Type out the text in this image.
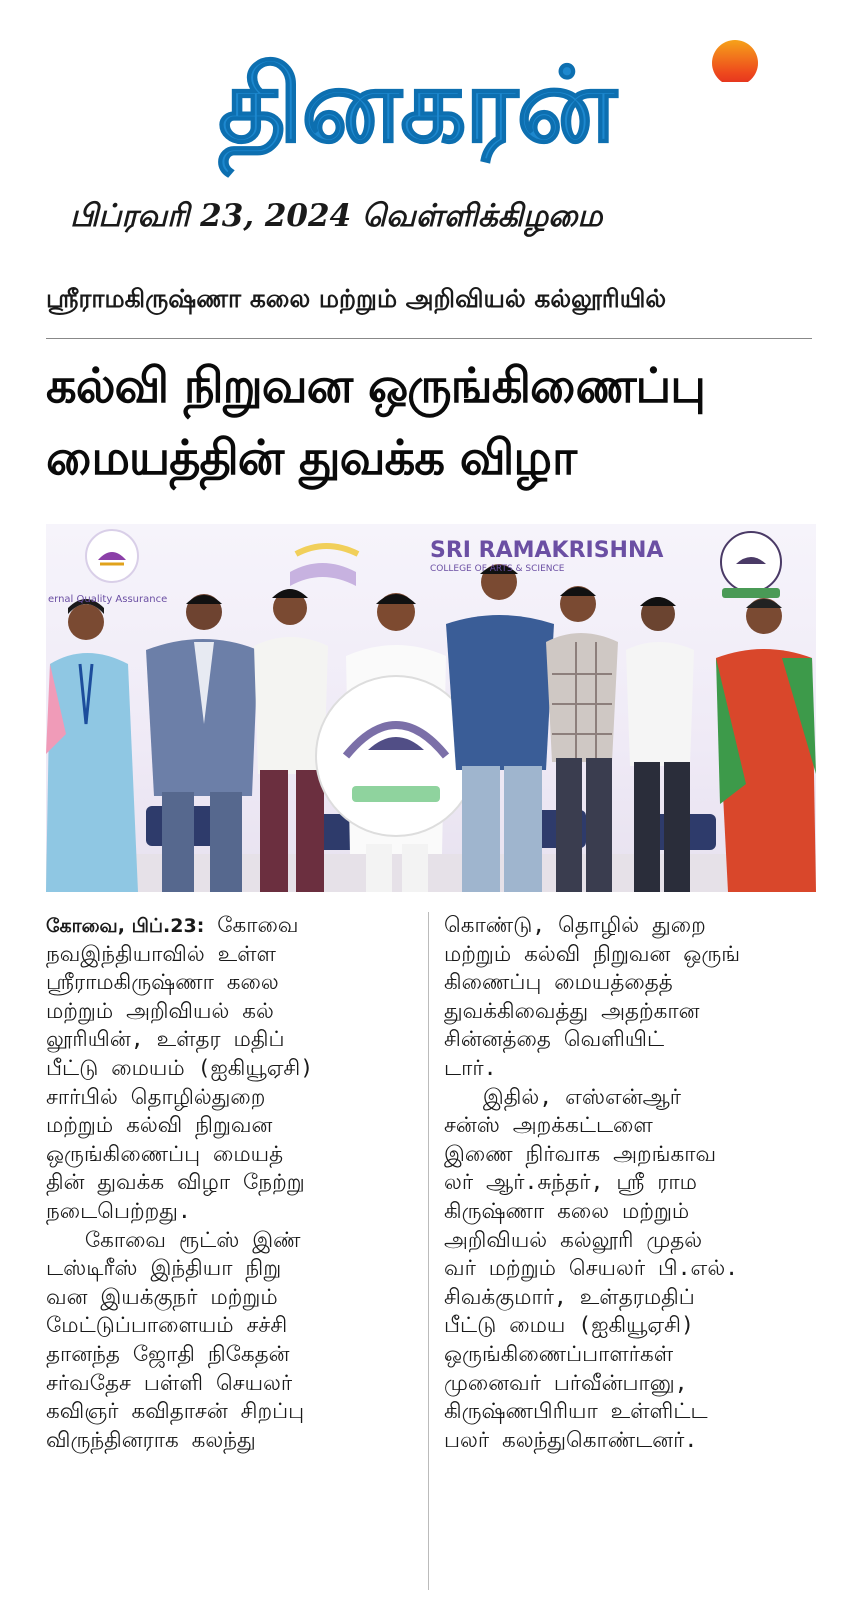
தினகரன்
பிப்ரவரி 23, 2024 வெள்ளிக்கிழமை
ஸ்ரீராமகிருஷ்ணா கலை மற்றும் அறிவியல் கல்லூரியில்
கல்வி நிறுவன ஒருங்கிணைப்பு
மையத்தின் துவக்க விழா
SRI RAMAKRISHNA
COLLEGE OF ARTS & SCIENCE
ernal Quality Assurance

கோவை, பிப்.23: கோவை

நவஇந்தியாவில் உள்ள

ஸ்ரீராமகிருஷ்ணா கலை

மற்றும் அறிவியல் கல்

லூரியின், உள்தர மதிப்

பீட்டு மையம் (ஐகியூஏசி)

சார்பில் தொழில்துறை

மற்றும் கல்வி நிறுவன

ஒருங்கிணைப்பு மையத்

தின் துவக்க விழா நேற்று

நடைபெற்றது.

கோவை ரூட்ஸ் இண்

டஸ்டிரீஸ் இந்தியா நிறு

வன இயக்குநர் மற்றும்

மேட்டுப்பாளையம் சச்சி

தானந்த ஜோதி நிகேதன்

சர்வதேச பள்ளி செயலர்

கவிஞர் கவிதாசன் சிறப்பு

விருந்தினராக கலந்து

கொண்டு, தொழில் துறை

மற்றும் கல்வி நிறுவன ஒருங்

கிணைப்பு மையத்தைத்

துவக்கிவைத்து அதற்கான

சின்னத்தை வெளியிட்

டார்.

இதில், எஸ்என்ஆர்

சன்ஸ் அறக்கட்டளை

இணை நிர்வாக அறங்காவ

லர் ஆர்.சுந்தர், ஸ்ரீ ராம

கிருஷ்ணா கலை மற்றும்

அறிவியல் கல்லூரி முதல்

வர் மற்றும் செயலர் பி.எல்.

சிவக்குமார், உள்தரமதிப்

பீட்டு மைய (ஐகியூஏசி)

ஒருங்கிணைப்பாளர்கள்

முனைவர் பர்வீன்பானு,

கிருஷ்ணபிரியா உள்ளிட்ட

பலர் கலந்துகொண்டனர்.
